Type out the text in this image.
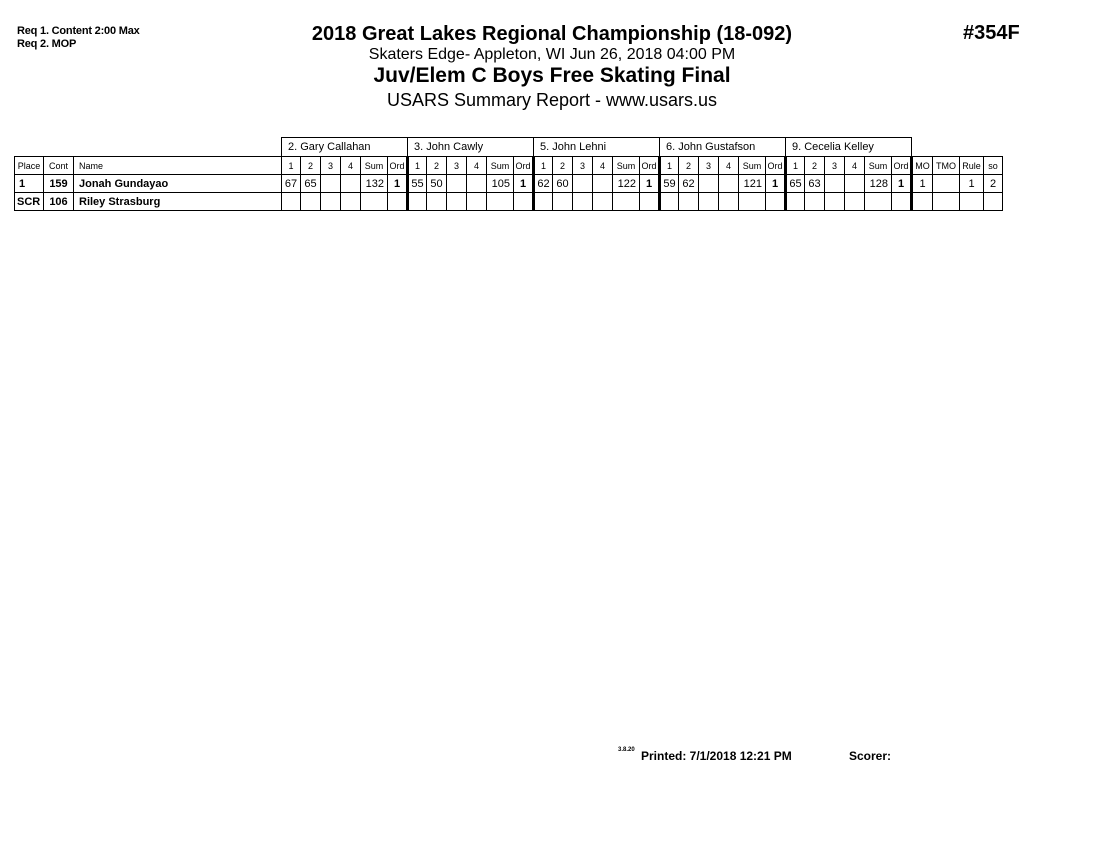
Req 1. Content 2:00 Max
Req 2. MOP	#354F
2018 Great Lakes Regional Championship (18-092)
Skaters Edge- Appleton, WI Jun 26, 2018 04:00 PM
Juv/Elem C Boys Free Skating Final
USARS Summary Report - www.usars.us
			2. Gary Callahan						3. John Cawly						5. John Lehni						6. John Gustafson						9. Cecelia Kelley									
Place	Cont	Name	1	2	3	4	Sum	Ord	1	2	3	4	Sum	Ord	1	2	3	4	Sum	Ord	1	2	3	4	Sum	Ord	1	2	3	4	Sum	Ord	MO	TMO	Rule	so
1	159	Jonah Gundayao	67	65			132	1	55	50			105	1	62	60			122	1	59	62			121	1	65	63			128	1	1		1	2
SCR	106	Riley Strasburg																																		
3.8.20 Printed: 7/1/2018 12:21 PM	Scorer:
